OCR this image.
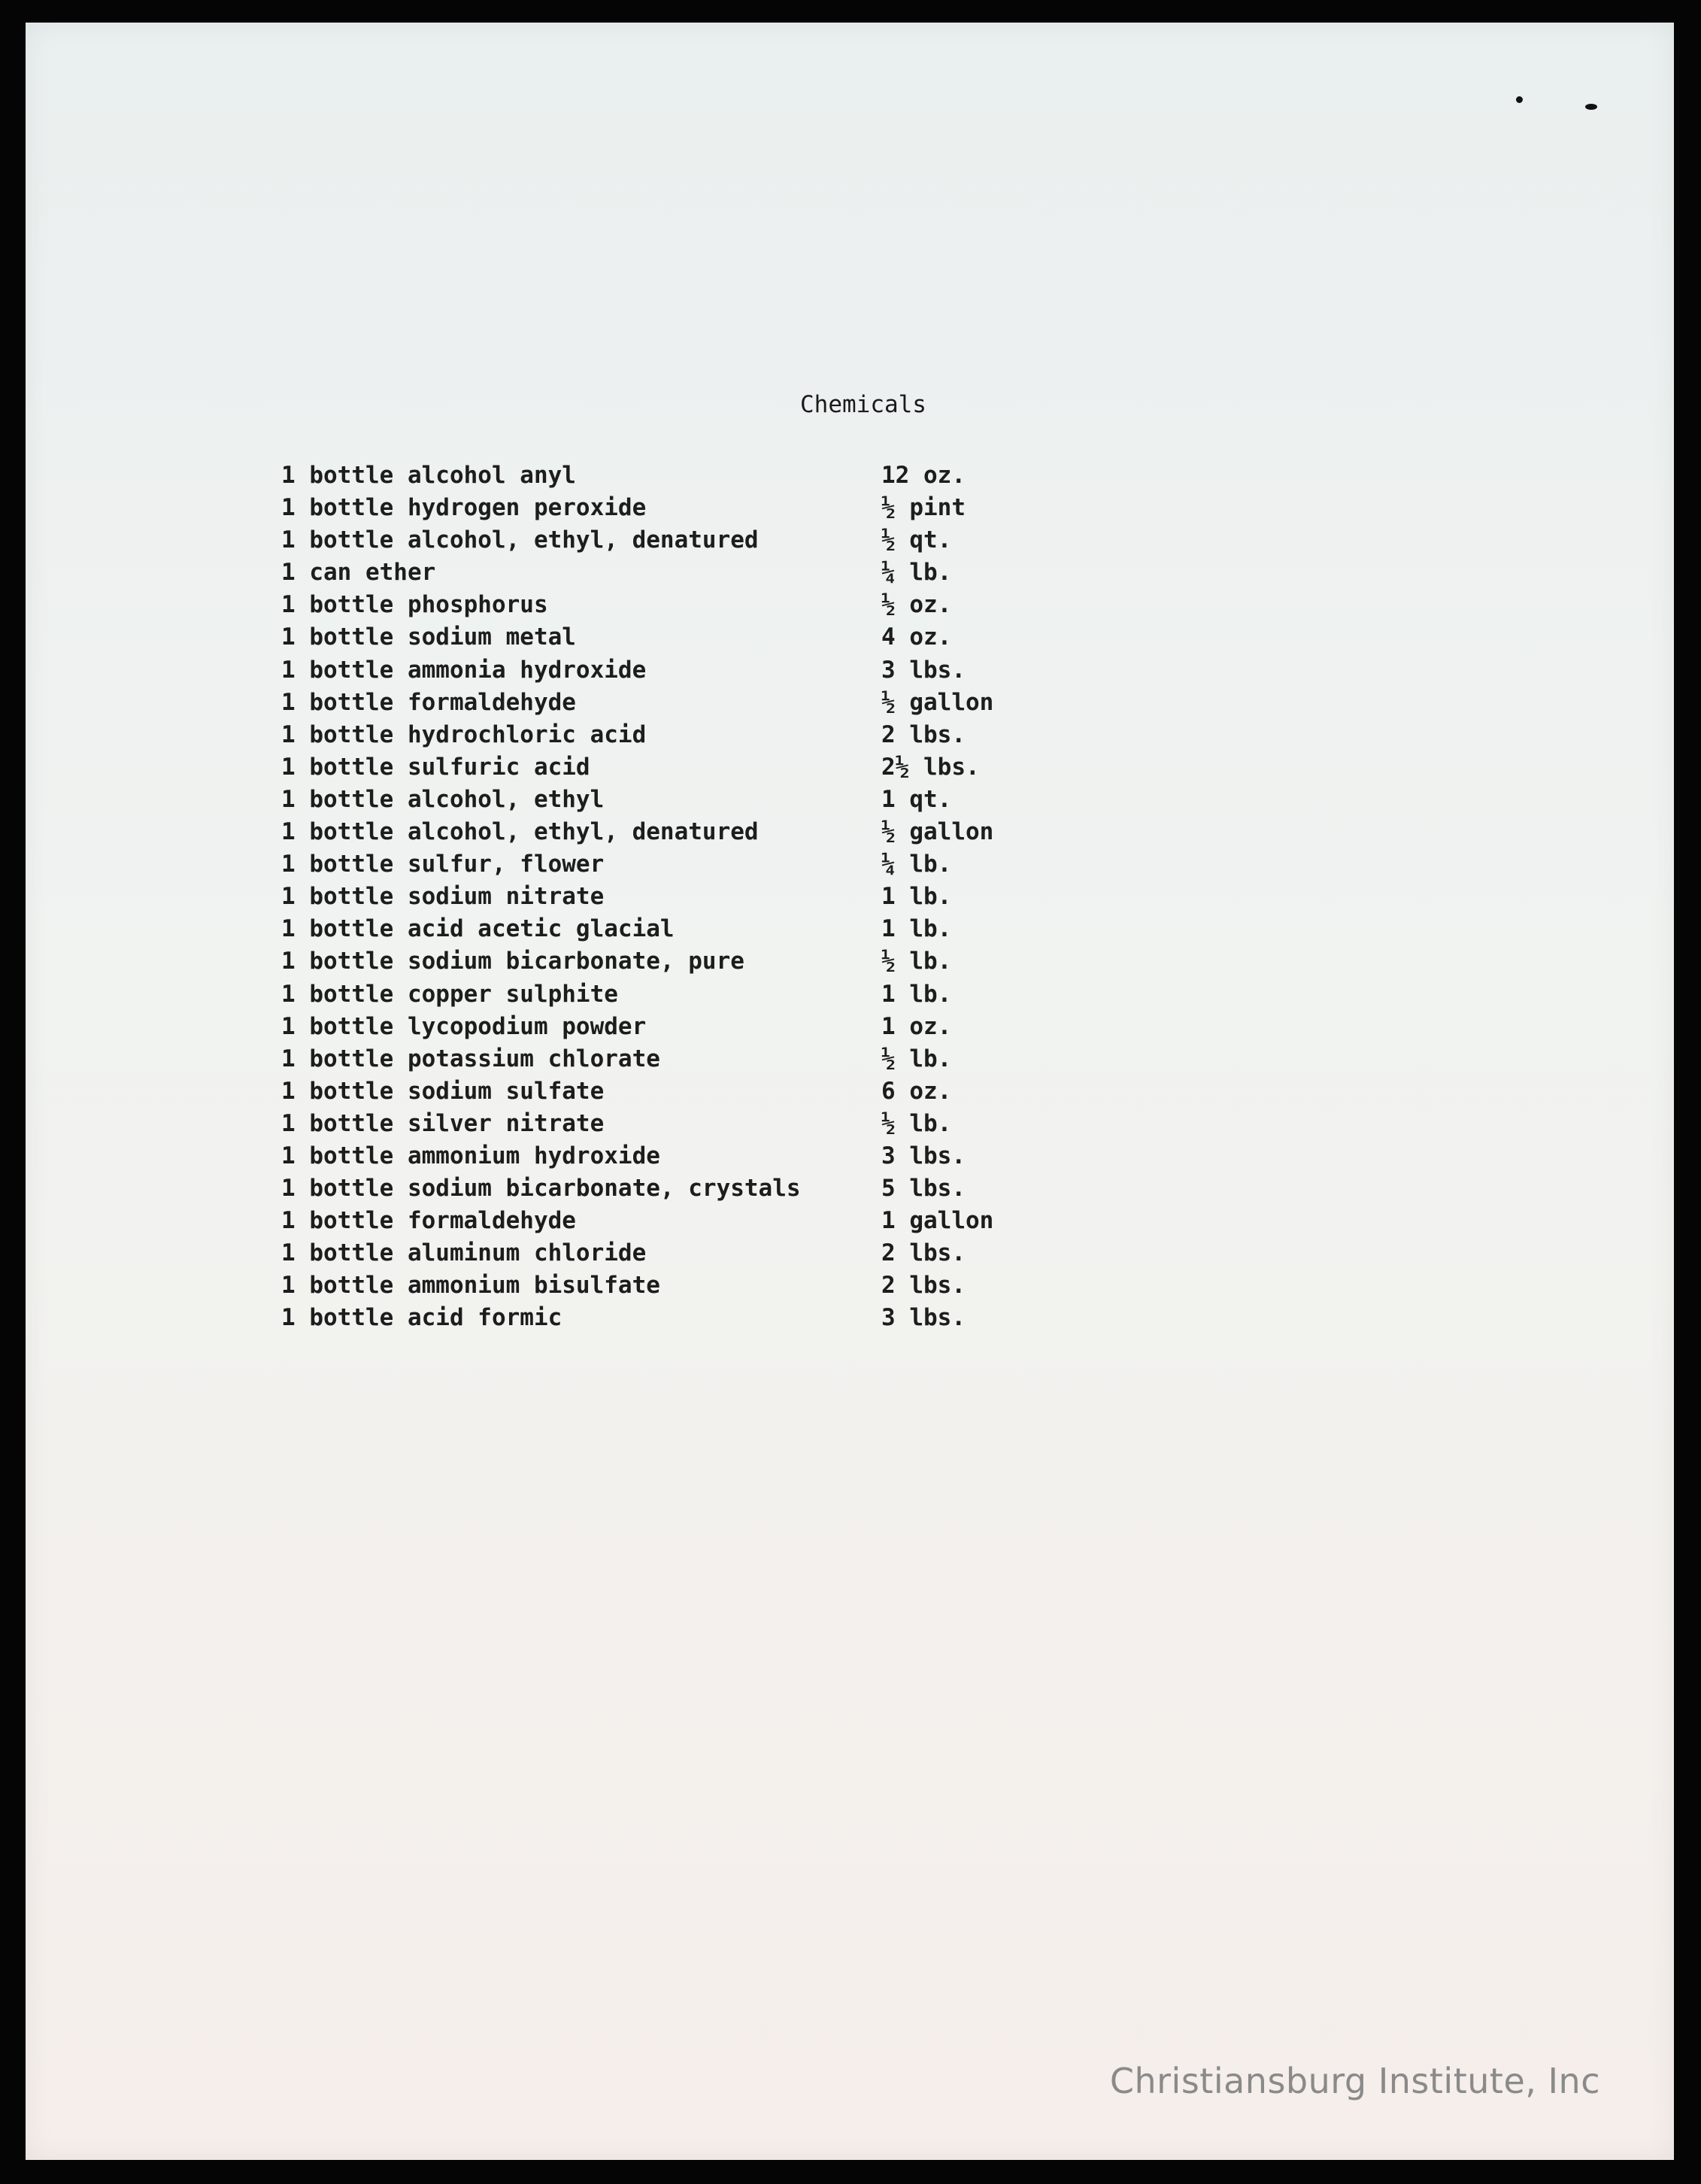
Chemicals
1 bottle alcohol anyl	12 oz.
1 bottle hydrogen peroxide	½ pint
1 bottle alcohol, ethyl, denatured	½ qt.
1 can ether	¼ lb.
1 bottle phosphorus	½ oz.
1 bottle sodium metal	4 oz.
1 bottle ammonia hydroxide	3 lbs.
1 bottle formaldehyde	½ gallon
1 bottle hydrochloric acid	2 lbs.
1 bottle sulfuric acid	2½ lbs.
1 bottle alcohol, ethyl	1 qt.
1 bottle alcohol, ethyl, denatured	½ gallon
1 bottle sulfur, flower	¼ lb.
1 bottle sodium nitrate	1 lb.
1 bottle acid acetic glacial	1 lb.
1 bottle sodium bicarbonate, pure	½ lb.
1 bottle copper sulphite	1 lb.
1 bottle lycopodium powder	1 oz.
1 bottle potassium chlorate	½ lb.
1 bottle sodium sulfate	6 oz.
1 bottle silver nitrate	½ lb.
1 bottle ammonium hydroxide	3 lbs.
1 bottle sodium bicarbonate, crystals	5 lbs.
1 bottle formaldehyde	1 gallon
1 bottle aluminum chloride	2 lbs.
1 bottle ammonium bisulfate	2 lbs.
1 bottle acid formic	3 lbs.
Christiansburg Institute, Inc
